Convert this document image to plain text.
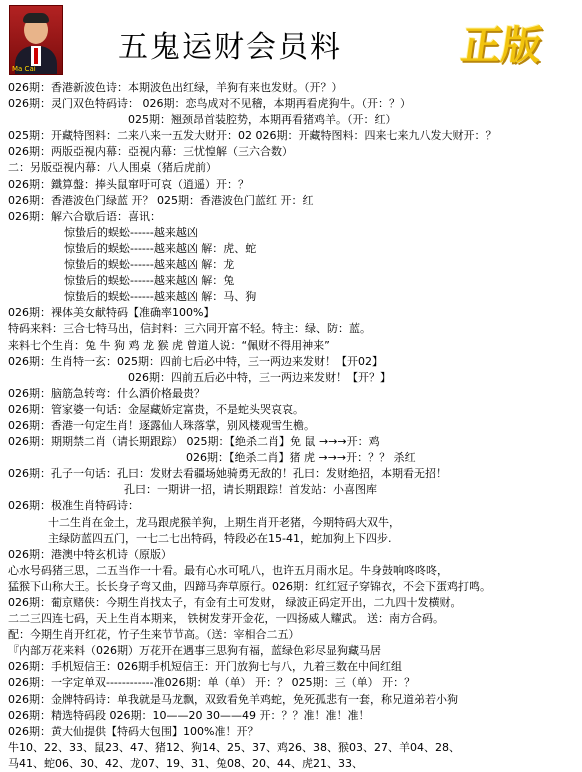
Ma Cai
五鬼运财会员料	正版
026期：香港新波色诗：本期波色出红绿，羊狗有来也发财。（开？）
026期：灵门双色特码诗： 026期：恋鸟成对不见稽，本期再看虎狗牛。（开：？）
025期：翘颈昂首装腔势，本期再看猪鸡羊。（开：红）
025期：开藏特图料：二来八来一五发大财开：02 026期：开藏特图料：四来七来九八发大财开：？
026期：两版亞視内幕：亞視内幕：三忧惶解（三六合数）
二：另版亞視内幕：八人围桌（猪后虎前）
026期：鐵算盤：捧头鼠窜吁可哀（逍遥）开：？
026期：香港波色门绿蓝 开？ 025期：香港波色门蓝红 开：红
026期：解六合歇后语：喜讯：
惊蛰后的蜈蚣------越来越凶
惊蛰后的蜈蚣------越来越凶 解：虎、蛇
惊蛰后的蜈蚣------越来越凶 解：龙
惊蛰后的蜈蚣------越来越凶 解：兔
惊蛰后的蜈蚣------越来越凶 解：马、狗
026期：裸体美女献特码【准确率100%】
特码来料：三合七特马出，信封料：三六同开富不轻。特主：绿、防：蓝。
来料七个生肖：兔 牛 狗 鸡 龙 猴 虎 曾道人说：“佩财不得用神来”
026期：生肖特一玄：025期：四前七后必中特，三一两边来发财！【开02】
026期：四前五后必中特，三一两边来发财！【开？】
026期：脑筋急转弯：什么酒价格最贵？
026期：管家婆一句话：金屋藏娇定富贵，不是蛇头哭哀哀。
026期：香港一句定生肖！逐露仙人珠落掌，别风楼观雪生檐。
026期：期期禁二肖（请长期跟踪） 025期：【绝杀二肖】免 鼠 →→→开：鸡
026期：【绝杀二肖】猪 虎 →→→开：？？ 杀红
026期：孔子一句话：孔曰：发财去看疆场她骑勇无敌的！孔曰：发财绝招，本期看无招！
孔曰：一期讲一招，请长期跟踪！首发站：小喜图库
026期：极准生肖特码诗：
十二生肖在金土，龙马跟虎猴羊狗，上期生肖开老猪，今期特码大双牛，
主绿防蓝四五门，一七二七出特码，特段必在15-41，蛇加狗上下四步.
026期：港澳中特玄机诗（原版）
心水号码猪三思，二五当作一十看。最有心水可吼八，也许五月雨水足。牛身鼓响咚咚咚，
猛猴下山称大王。长长身子弯又曲，四蹄马奔草原行。026期：红红冠子穿锦衣，不会下蛋鸡打鸣。
026期：葡京赌侠：今期生肖找太子，有金有土可发财， 绿波正码定开出，二九四十发横财。
二二三四连七码，天上生肖本期来， 铁树发芽开金花，一四扬威人耀武。 送：南方合码。
配：今期生肖开红花，竹子生来节节高。（送：宰相合二五）
『内部万花来料（026期）万花开在遇事三思狗有福，蓝绿色彩尽显狗藏马居
026期：手机短信王：026期手机短信王：开门放狗七与八，九着三数在中间红组
026期：一字定单双------------准026期：单（单） 开：？ 025期：三（单） 开：？
026期：金牌特码诗：单我就是马龙飘，双致看免羊鸡蛇，免死孤悲有一套，称兄道弟若小狗
026期：精选特码段 026期：10——20 30——49 开：？？准！准！准！
026期：黄大仙提供【特码大包围】100%准！开？
牛10、22、33、鼠23、47、猪12、狗14、25、37、鸡26、38、猴03、27、羊04、28、
马41、蛇06、30、42、龙07、19、31、兔08、20、44、虎21、33、
